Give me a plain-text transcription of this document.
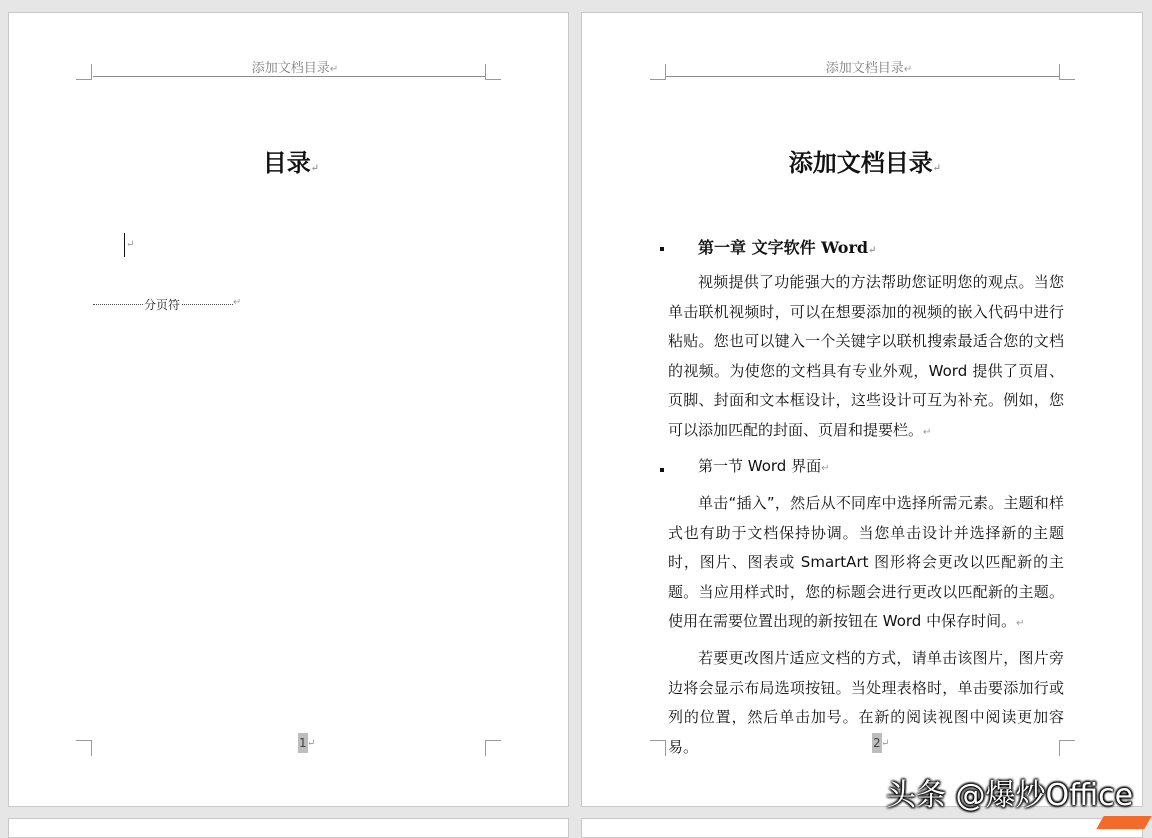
添加文档目录↵
目录↵
↵
分页符	↵
1 ↵
添加文档目录↵
添加文档目录↵
第一章 文字软件 Word↵
视频提供了功能强大的方法帮助您证明您的观点。当您单击联机视频时，可以在想要添加的视频的嵌入代码中进行粘贴。您也可以键入一个关键字以联机搜索最适合您的文档的视频。为使您的文档具有专业外观，Word 提供了页眉、页脚、封面和文本框设计，这些设计可互为补充。例如，您可以添加匹配的封面、页眉和提要栏。↵
第一节 Word 界面↵
单击“插入”，然后从不同库中选择所需元素。主题和样式也有助于文档保持协调。当您单击设计并选择新的主题时，图片、图表或 SmartArt 图形将会更改以匹配新的主题。当应用样式时，您的标题会进行更改以匹配新的主题。使用在需要位置出现的新按钮在 Word 中保存时间。↵
若要更改图片适应文档的方式，请单击该图片，图片旁边将会显示布局选项按钮。当处理表格时，单击要添加行或列的位置，然后单击加号。在新的阅读视图中阅读更加容易。	2 ↵
头条 @爆炒Office
